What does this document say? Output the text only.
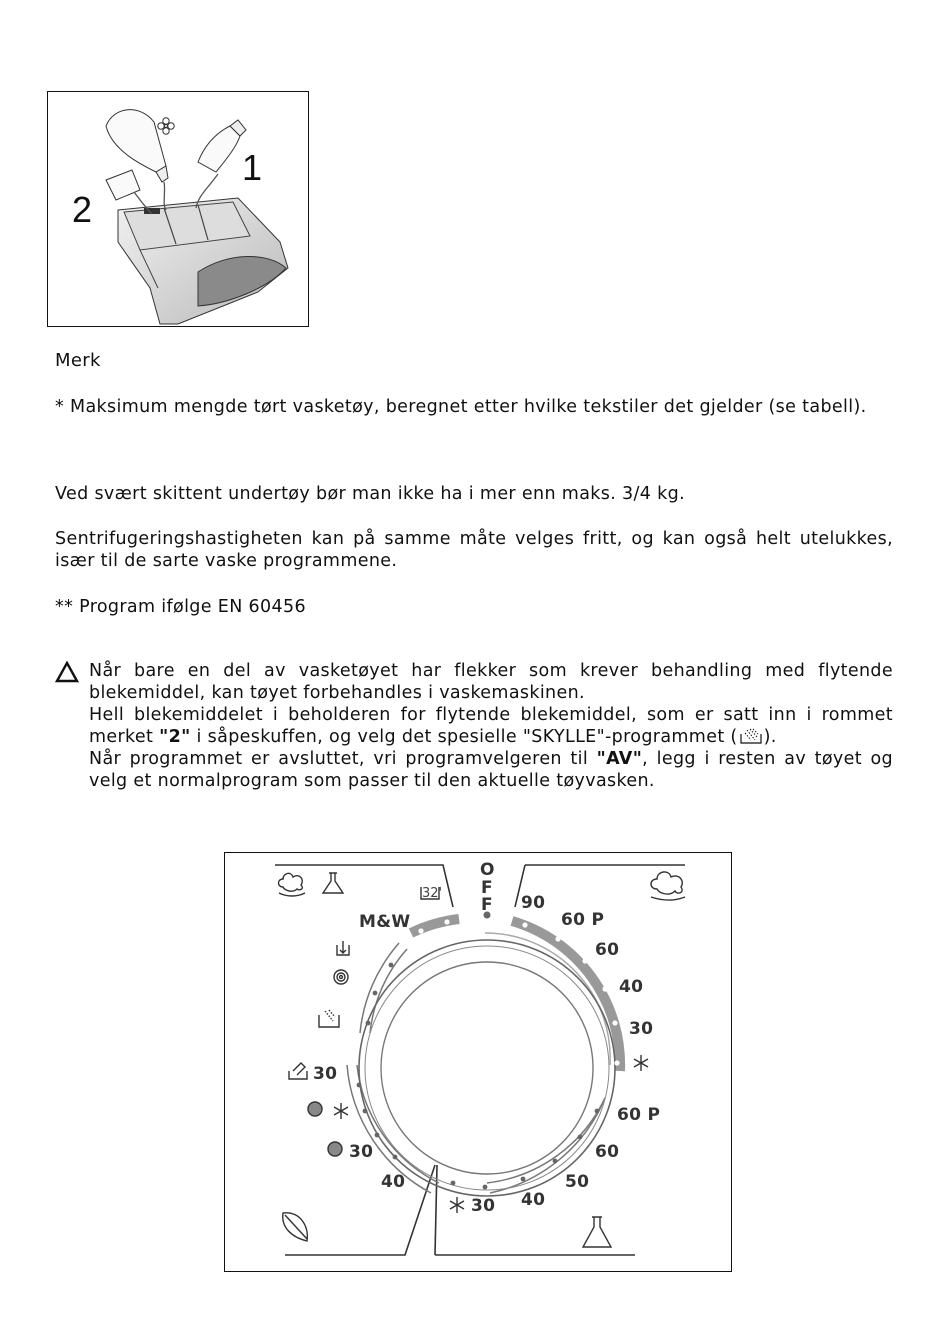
1
2
Merk
* Maksimum mengde tørt vasketøy, beregnet etter hvilke tekstiler det gjelder (se tabell).
Ved svært skittent undertøy bør man ikke ha i mer enn maks. 3/4 kg.
Sentrifugeringshastigheten kan på samme måte velges fritt, og kan også helt utelukkes, især til de sarte vaske programmene.
** Program ifølge EN 60456

Når bare en del av vasketøyet har flekker som krever behandling med flytende blekemiddel, kan tøyet forbehandles i vaskemaskinen.

Hell blekemiddelet i beholderen for flytende blekemiddel, som er satt inn i rommet merket "2" i såpeskuffen, og velg det spesielle "SKYLLE"-programmet ( ).

Når programmet er avsluttet, vri programvelgeren til "AV", legg i resten av tøyet og velg et normalprogram som passer til den aktuelle tøyvasken.

O
F
F 90
60 P
60
40
30
60 P
60
50
40
30
M&W
32'
30
30
40
